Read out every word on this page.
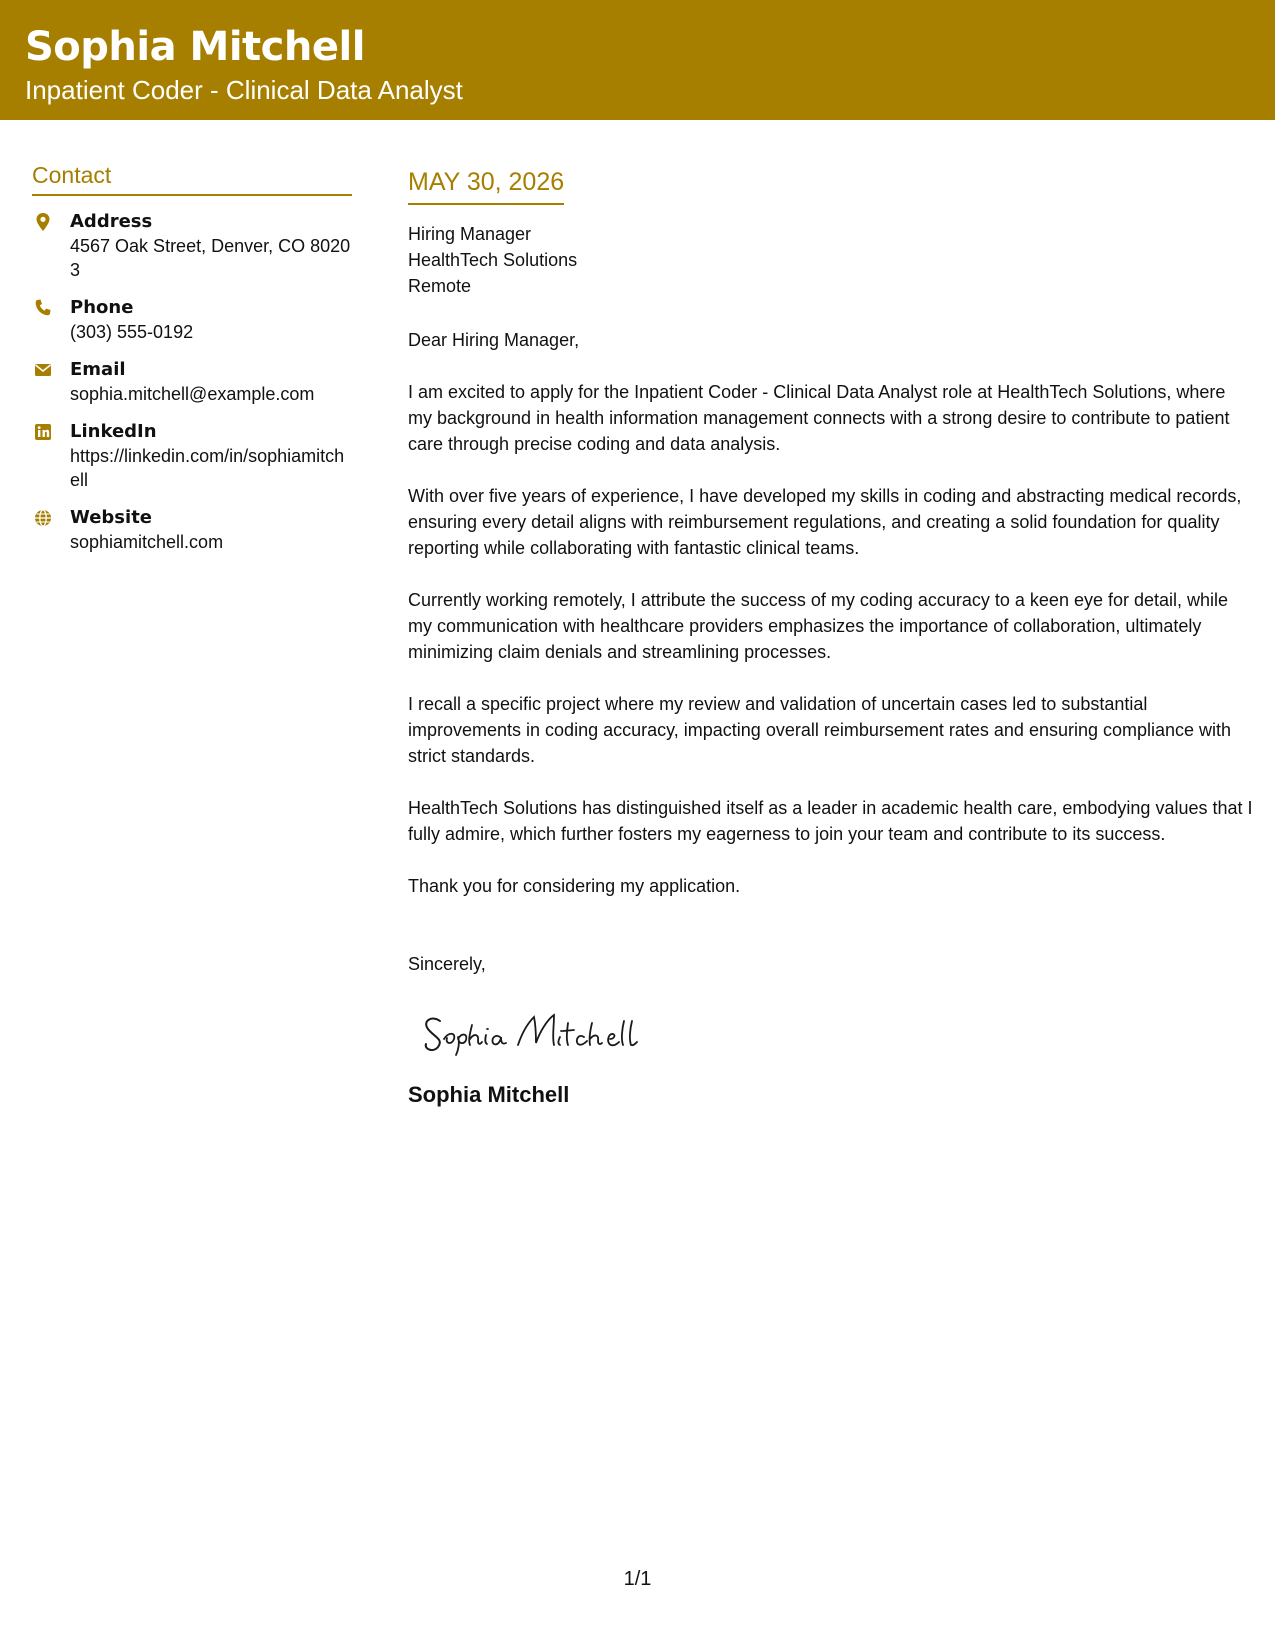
Sophia Mitchell
Inpatient Coder - Clinical Data Analyst
Contact
Address
4567 Oak Street, Denver, CO 80203
Phone
(303) 555-0192
Email
sophia.mitchell@example.com
LinkedIn
https://linkedin.com/in/sophiamitchell
Website
sophiamitchell.com
MAY 30, 2026
Hiring Manager
HealthTech Solutions
Remote
Dear Hiring Manager,
I am excited to apply for the Inpatient Coder - Clinical Data Analyst role at HealthTech Solutions, where my background in health information management connects with a strong desire to contribute to patient care through precise coding and data analysis.
With over five years of experience, I have developed my skills in coding and abstracting medical records, ensuring every detail aligns with reimbursement regulations, and creating a solid foundation for quality reporting while collaborating with fantastic clinical teams.
Currently working remotely, I attribute the success of my coding accuracy to a keen eye for detail, while my communication with healthcare providers emphasizes the importance of collaboration, ultimately minimizing claim denials and streamlining processes.
I recall a specific project where my review and validation of uncertain cases led to substantial improvements in coding accuracy, impacting overall reimbursement rates and ensuring compliance with strict standards.
HealthTech Solutions has distinguished itself as a leader in academic health care, embodying values that I fully admire, which further fosters my eagerness to join your team and contribute to its success.
Thank you for considering my application.
Sincerely,
Sophia Mitchell
1/1
